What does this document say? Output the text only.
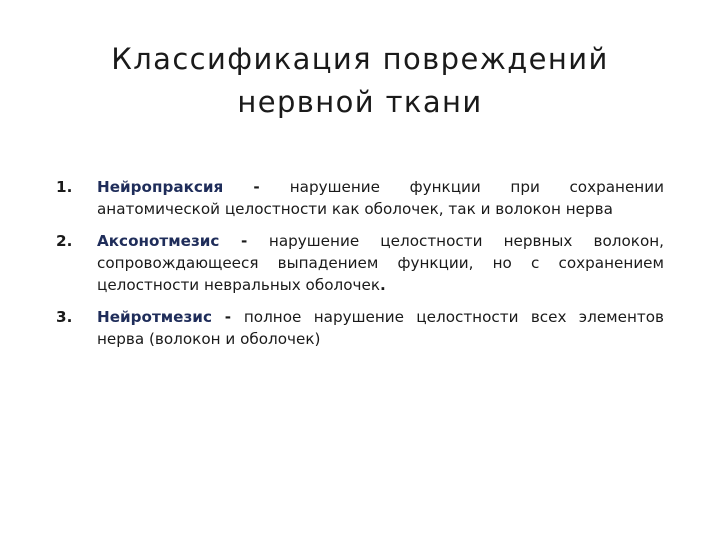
Классификация повреждений нервной ткани
1. Нейропраксия - нарушение функции при сохранении анатомической целостности как оболочек, так и волокон нерва
2. Аксонотмезис - нарушение целостности нервных волокон, сопровождающееся выпадением функции, но с сохранением целостности невральных оболочек.
3. Нейротмезис - полное нарушение целостности всех элементов нерва (волокон и оболочек)
